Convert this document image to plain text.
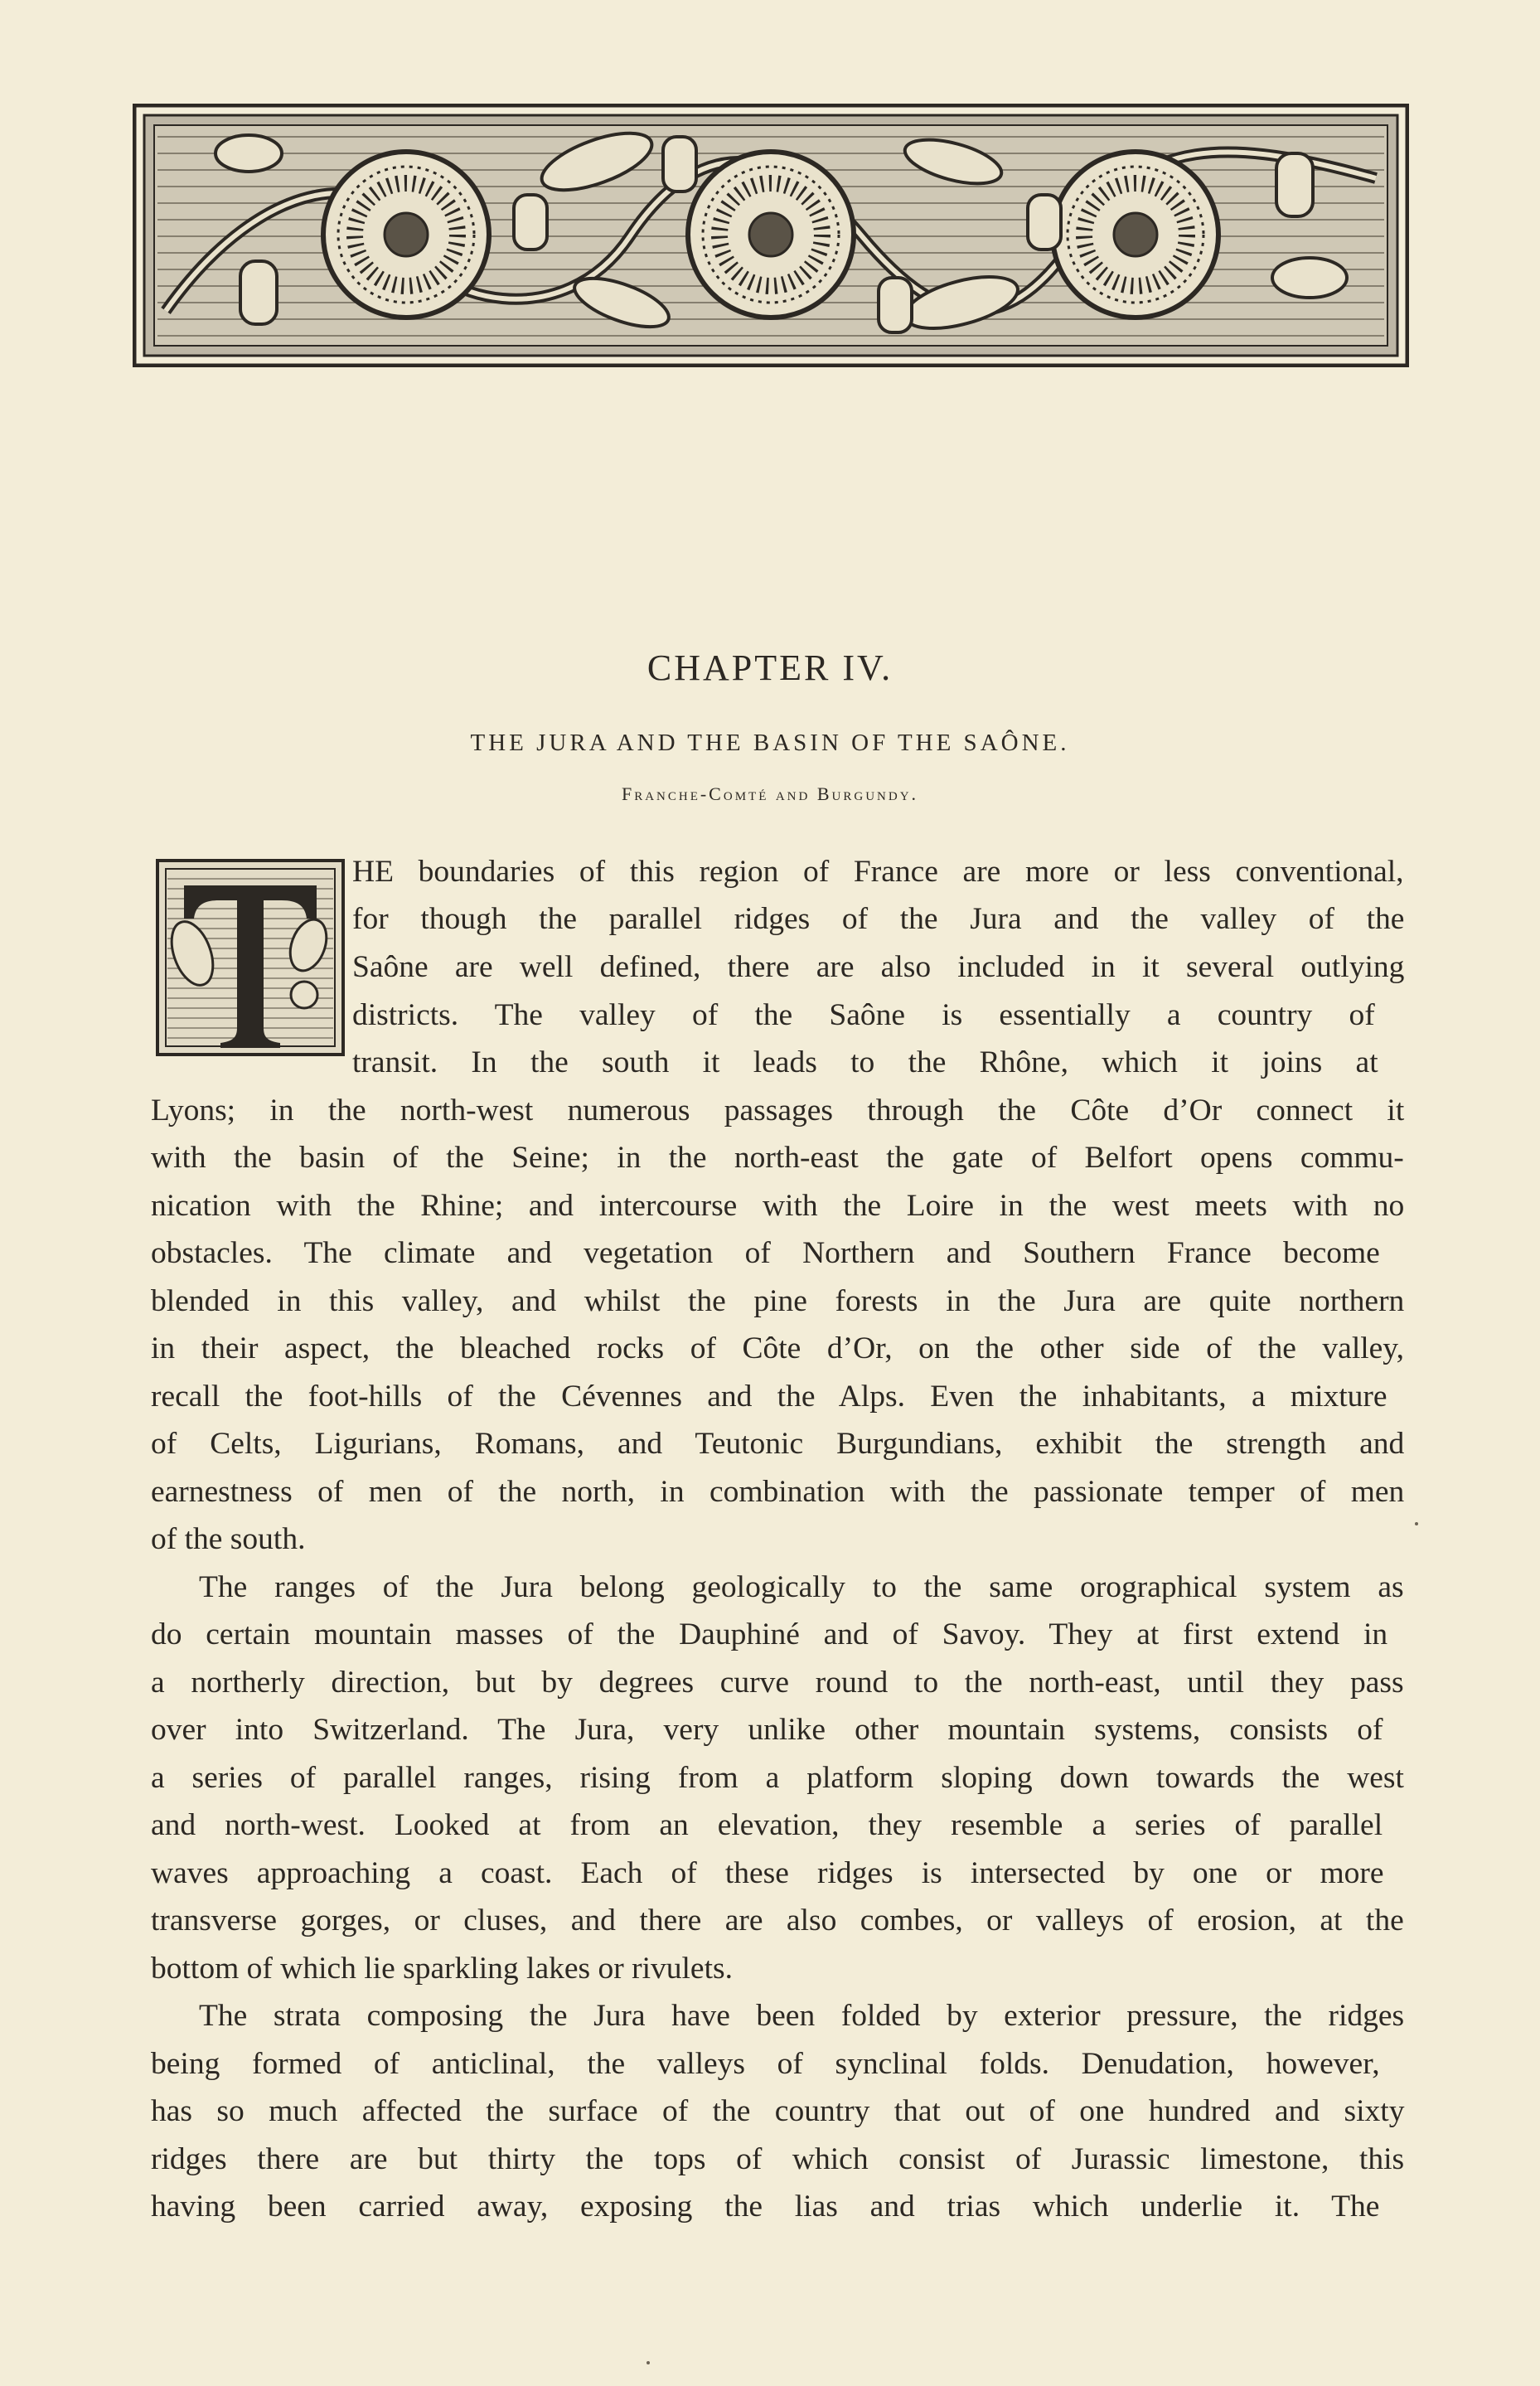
CHAPTER IV.
THE JURA AND THE BASIN OF THE SAÔNE.
Franche-Comté and Burgundy.
HE boundaries of this region of France are more or less conventional,
for though the parallel ridges of the Jura and the valley of the
Saône are well defined, there are also included in it several outlying
districts. The valley of the Saône is essentially a country of
transit. In the south it leads to the Rhône, which it joins at
Lyons; in the north-west numerous passages through the Côte d’Or connect it
with the basin of the Seine; in the north-east the gate of Belfort opens commu-
nication with the Rhine; and intercourse with the Loire in the west meets with no
obstacles. The climate and vegetation of Northern and Southern France become
blended in this valley, and whilst the pine forests in the Jura are quite northern
in their aspect, the bleached rocks of Côte d’Or, on the other side of the valley,
recall the foot-hills of the Cévennes and the Alps. Even the inhabitants, a mixture
of Celts, Ligurians, Romans, and Teutonic Burgundians, exhibit the strength and
earnestness of men of the north, in combination with the passionate temper of men
of the south.
The ranges of the Jura belong geologically to the same orographical system as
do certain mountain masses of the Dauphiné and of Savoy. They at first extend in
a northerly direction, but by degrees curve round to the north-east, until they pass
over into Switzerland. The Jura, very unlike other mountain systems, consists of
a series of parallel ranges, rising from a platform sloping down towards the west
and north-west. Looked at from an elevation, they resemble a series of parallel
waves approaching a coast. Each of these ridges is intersected by one or more
transverse gorges, or cluses, and there are also combes, or valleys of erosion, at the
bottom of which lie sparkling lakes or rivulets.
The strata composing the Jura have been folded by exterior pressure, the ridges
being formed of anticlinal, the valleys of synclinal folds. Denudation, however,
has so much affected the surface of the country that out of one hundred and sixty
ridges there are but thirty the tops of which consist of Jurassic limestone, this
having been carried away, exposing the lias and trias which underlie it. The
